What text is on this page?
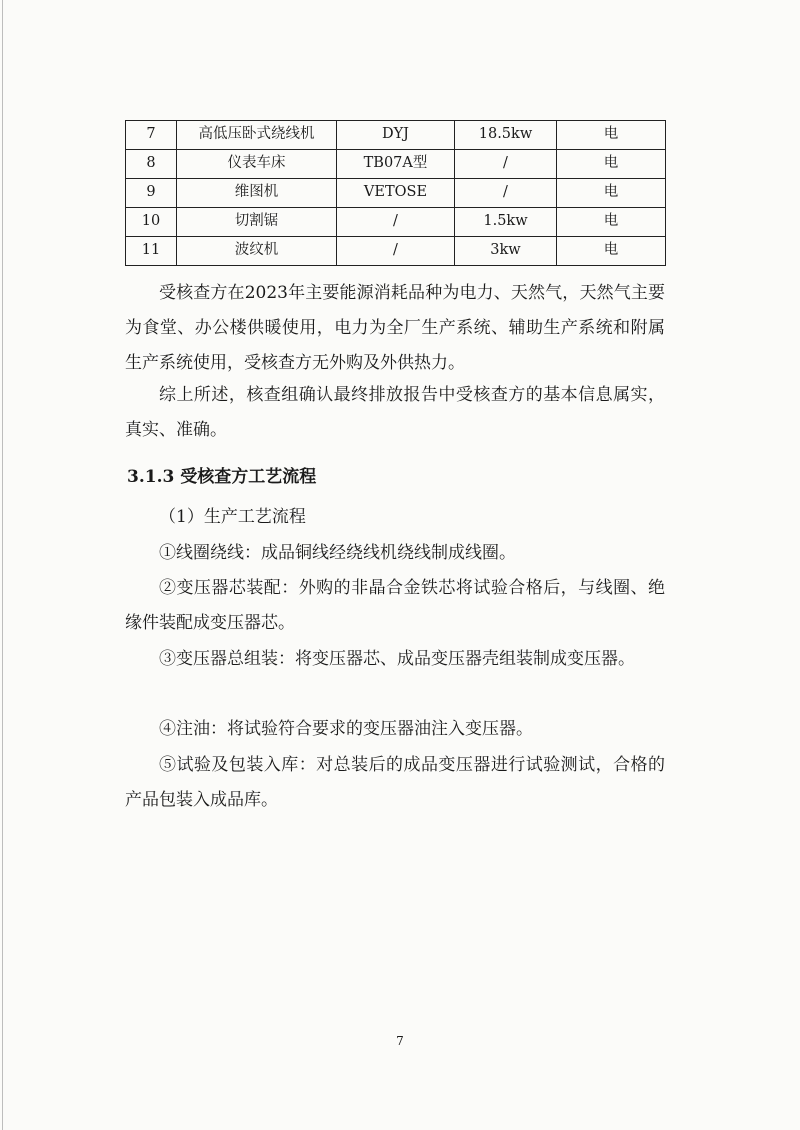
7	高低压卧式绕线机	DYJ	18.5kw	电
8	仪表车床	TB07A型	/	电
9	维图机	VETOSE	/	电
10	切割锯	/	1.5kw	电
11	波纹机	/	3kw	电

受核查方在2023年主要能源消耗品种为电力、天然气，天然气主要为食堂、办公楼供暖使用，电力为全厂生产系统、辅助生产系统和附属生产系统使用，受核查方无外购及外供热力。

综上所述，核查组确认最终排放报告中受核查方的基本信息属实，真实、准确。

3.1.3 受核查方工艺流程

（1）生产工艺流程

①线圈绕线：成品铜线经绕线机绕线制成线圈。

②变压器芯装配：外购的非晶合金铁芯将试验合格后，与线圈、绝缘件装配成变压器芯。

③变压器总组装：将变压器芯、成品变压器壳组装制成变压器。

④注油：将试验符合要求的变压器油注入变压器。

⑤试验及包装入库：对总装后的成品变压器进行试验测试，合格的产品包装入成品库。

7
